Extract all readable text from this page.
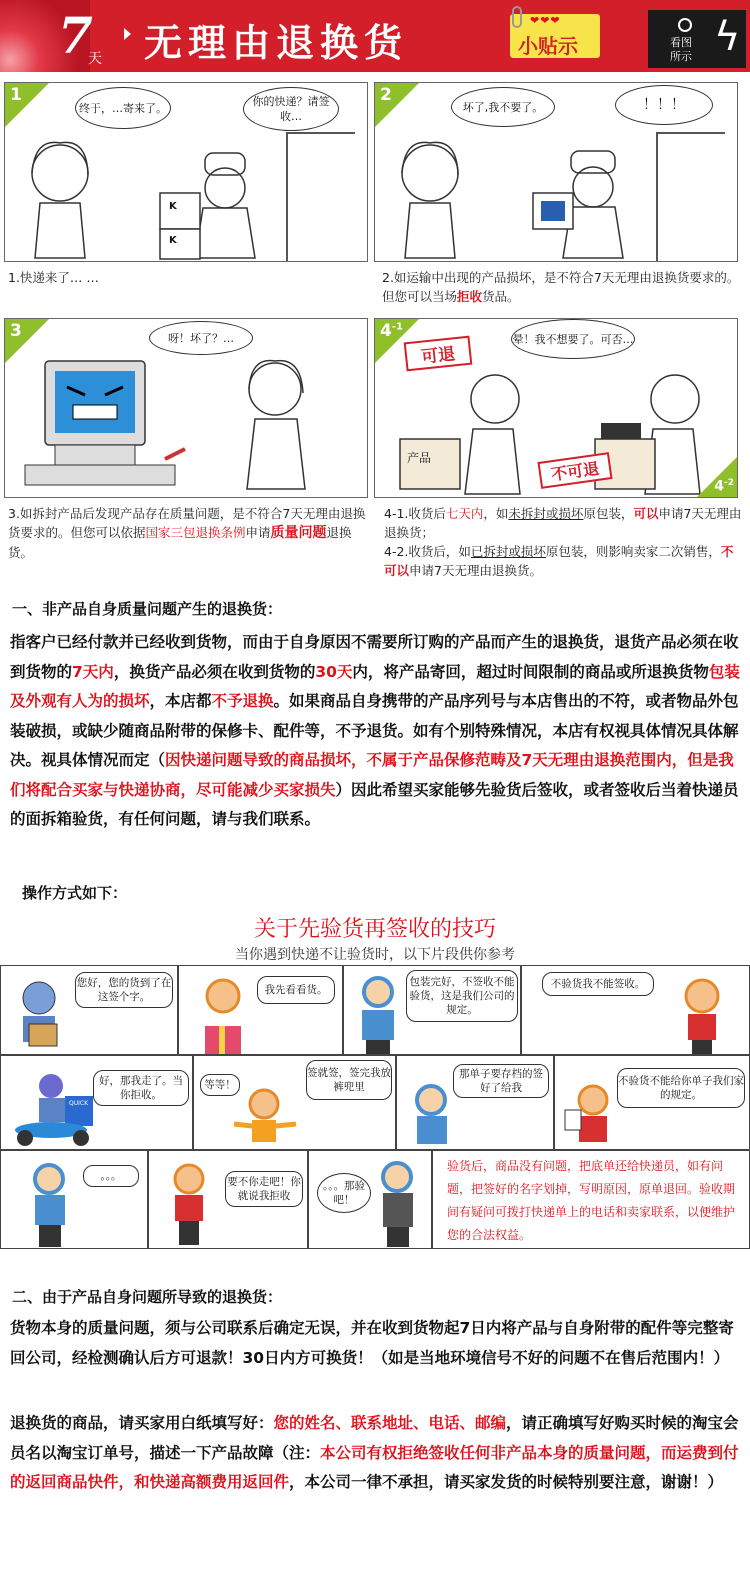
7
天 无理由退换货
❤❤❤
小贴示	看图
所示 ϟ
1
终于，…寄来了。	你的快递？请签收…
K
K
1.快递来了… …
2
坏了,我不要了。	！！！
2.如运输中出现的产品损坏，是不符合7天无理由退换货要求的。但您可以当场拒收货品。
3	呀！坏了？…
3.如拆封产品后发现产品存在质量问题，是不符合7天无理由退换货要求的。但您可以依据国家三包退换条例申请质量问题退换货。
$4^{-1}$
晕！我不想要了。可否…
可退
产品
不可退
$4^{-2}$
4-1.收货后七天内，如未拆封或损坏原包装，可以申请7天无理由退换货；
4-2.收货后，如已拆封或损坏原包装，则影响卖家二次销售，不可以申请7天无理由退换货。
一、非产品自身质量问题产生的退换货：
指客户已经付款并已经收到货物，而由于自身原因不需要所订购的产品而产生的退换货，退货产品必须在收到货物的7天内，换货产品必须在收到货物的30天内，将产品寄回，超过时间限制的商品或所退换货物包装及外观有人为的损坏，本店都不予退换。如果商品自身携带的产品序列号与本店售出的不符，或者物品外包装破损，或缺少随商品附带的保修卡、配件等，不予退货。如有个别特殊情况，本店有权视具体情况具体解决。视具体情况而定（因快递问题导致的商品损坏，不属于产品保修范畴及7天无理由退换范围内，但是我们将配合买家与快递协商，尽可能减少买家损失）因此希望买家能够先验货后签收，或者签收后当着快递员的面拆箱验货，有任何问题，请与我们联系。
操作方式如下：
关于先验货再签收的技巧
当你遇到快递不让验货时，以下片段供你参考
您好，您的货到了在这签个字。
我先看看货。
包装完好，不签收不能验货，这是我们公司的规定。
不验货我不能签收。
好，那我走了。当你拒收。
QUICK
等等！
签就签，签完我放裤兜里
那单子要存档的签好了给我
不验货不能给你单子我们家的规定。
。。。	要不你走吧！你就说我拒收
。。。那验吧！
验货后，商品没有问题，把底单还给快递员，如有问题，把签好的名字划掉，写明原因，原单退回。验收期间有疑问可拨打快递单上的电话和卖家联系，以便维护您的合法权益。
二、由于产品自身问题所导致的退换货：
货物本身的质量问题，须与公司联系后确定无误，并在收到货物起7日内将产品与自身附带的配件等完整寄回公司，经检测确认后方可退款！30日内方可换货！（如是当地环境信号不好的问题不在售后范围内！）
退换货的商品，请买家用白纸填写好：您的姓名、联系地址、电话、邮编，请正确填写好购买时候的淘宝会员名以淘宝订单号，描述一下产品故障（注：本公司有权拒绝签收任何非产品本身的质量问题，而运费到付的返回商品快件，和快递高额费用返回件，本公司一律不承担，请买家发货的时候特别要注意，谢谢！）
